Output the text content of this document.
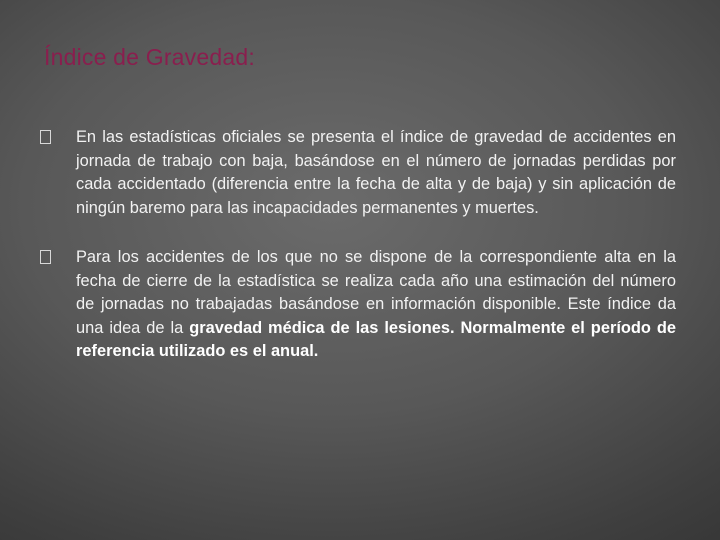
Índice de Gravedad:

En las estadísticas oficiales se presenta el índice de gravedad de accidentes en jornada de trabajo con baja, basándose en el número de jornadas perdidas por cada accidentado (diferencia entre la fecha de alta y de baja) y sin aplicación de ningún baremo para las incapacidades permanentes y muertes.

Para los accidentes de los que no se dispone de la correspondiente alta en la fecha de cierre de la estadística se realiza cada año una estimación del número de jornadas no trabajadas basándose en información disponible. Este índice da una idea de la gravedad médica de las lesiones. Normalmente el período de referencia utilizado es el anual.
